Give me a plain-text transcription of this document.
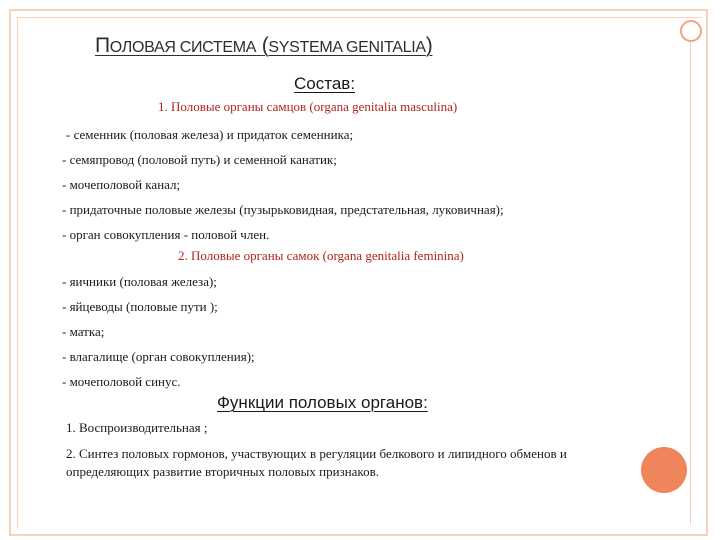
ПОЛОВАЯ СИСТЕМА (SYSTEMA GENITALIA)
Состав:
1. Половые органы самцов (organa genitalia masculina)
- семенник (половая железа) и придаток семенника;
- семяпровод (половой путь) и семенной канатик;
- мочеполовой канал;
- придаточные половые железы (пузырьковидная, предстательная, луковичная);
- орган совокупления - половой член.
2. Половые органы самок (organa genitalia feminina)
- яичники (половая железа);
- яйцеводы (половые пути );
- матка;
- влагалище (орган совокупления);
- мочеполовой синус.
Функции половых органов:
1. Воспроизводительная ;
2. Синтез половых гормонов, участвующих в регуляции белкового и липидного обменов и определяющих развитие вторичных половых признаков.
